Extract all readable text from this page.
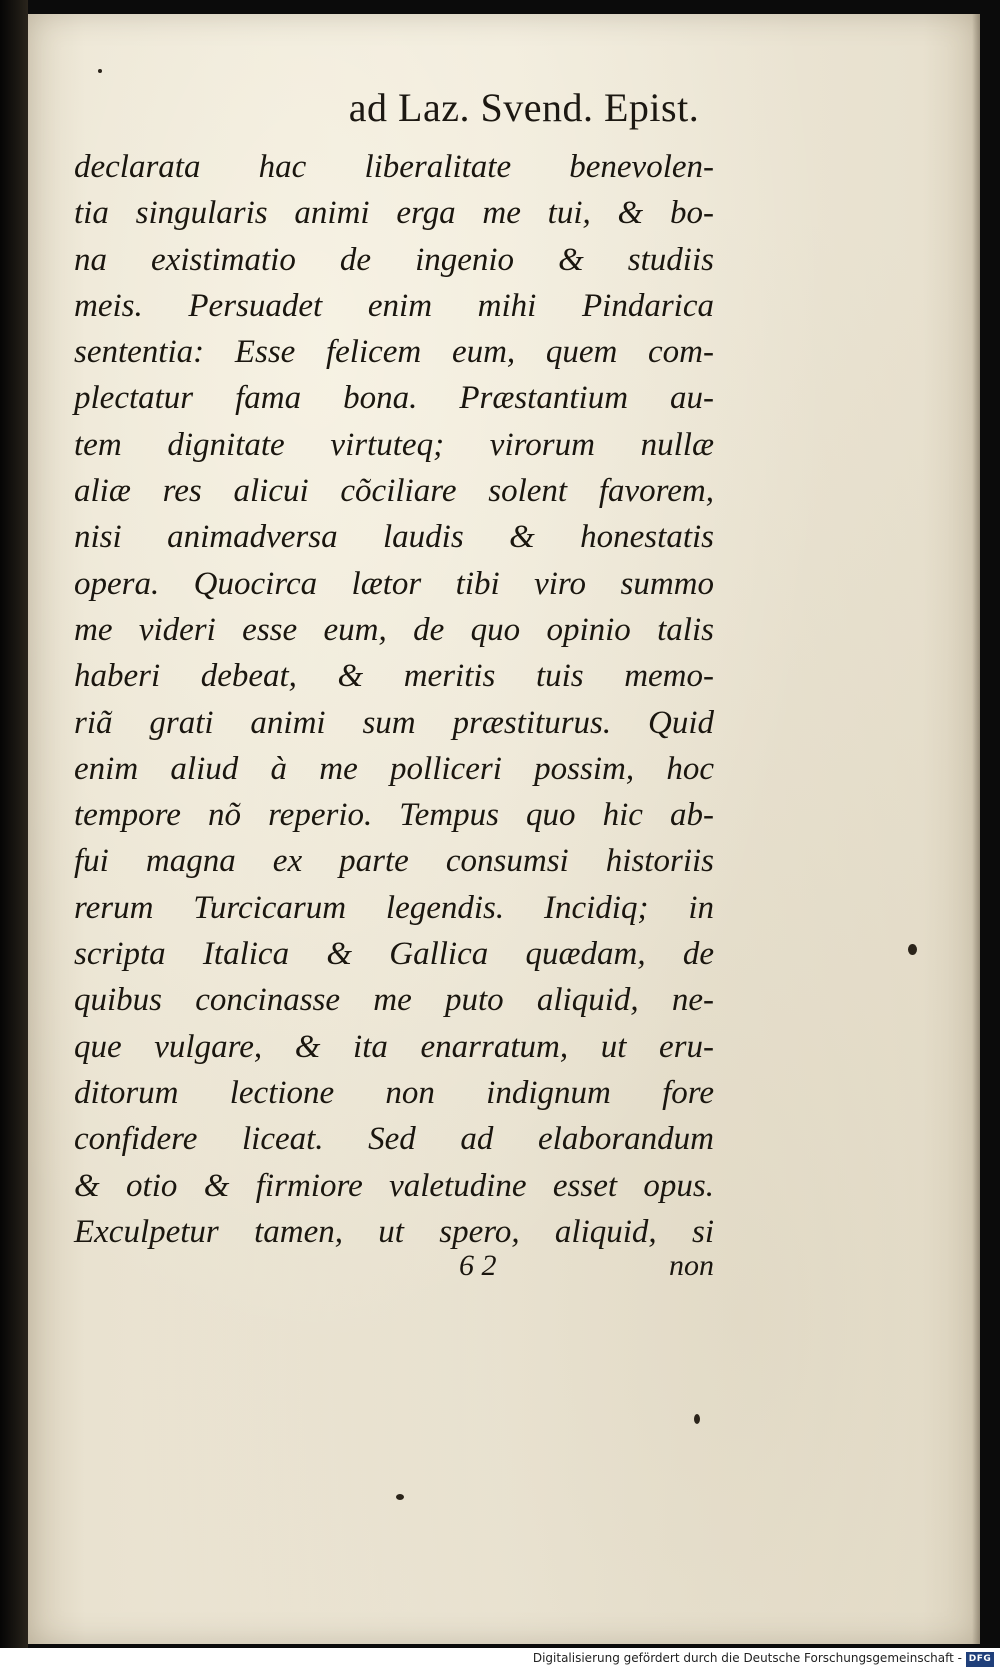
ad Laz. Svend. Epist.
declarata hac liberalitate benevolen-
tia singularis animi erga me tui, & bo-
na existimatio de ingenio & studiis
meis. Persuadet enim mihi Pindarica
sententia: Esse felicem eum, quem com-
plectatur fama bona. Præstantium au-
tem dignitate virtuteq; virorum nullæ
aliæ res alicui cõciliare solent favorem,
nisi animadversa laudis & honestatis
opera. Quocirca lætor tibi viro summo
me videri esse eum, de quo opinio talis
haberi debeat, & meritis tuis memo-
riã grati animi sum præstiturus. Quid
enim aliud à me polliceri possim, hoc
tempore nõ reperio. Tempus quo hic ab-
fui magna ex parte consumsi historiis
rerum Turcicarum legendis. Incidiq; in
scripta Italica & Gallica quædam, de
quibus concinasse me puto aliquid, ne-
que vulgare, & ita enarratum, ut eru-
ditorum lectione non indignum fore
confidere liceat. Sed ad elaborandum
& otio & firmiore valetudine esset opus.
Exculpetur tamen, ut spero, aliquid, si
6 2	non
Digitalisierung gefördert durch die Deutsche Forschungsgemeinschaft - DFG
